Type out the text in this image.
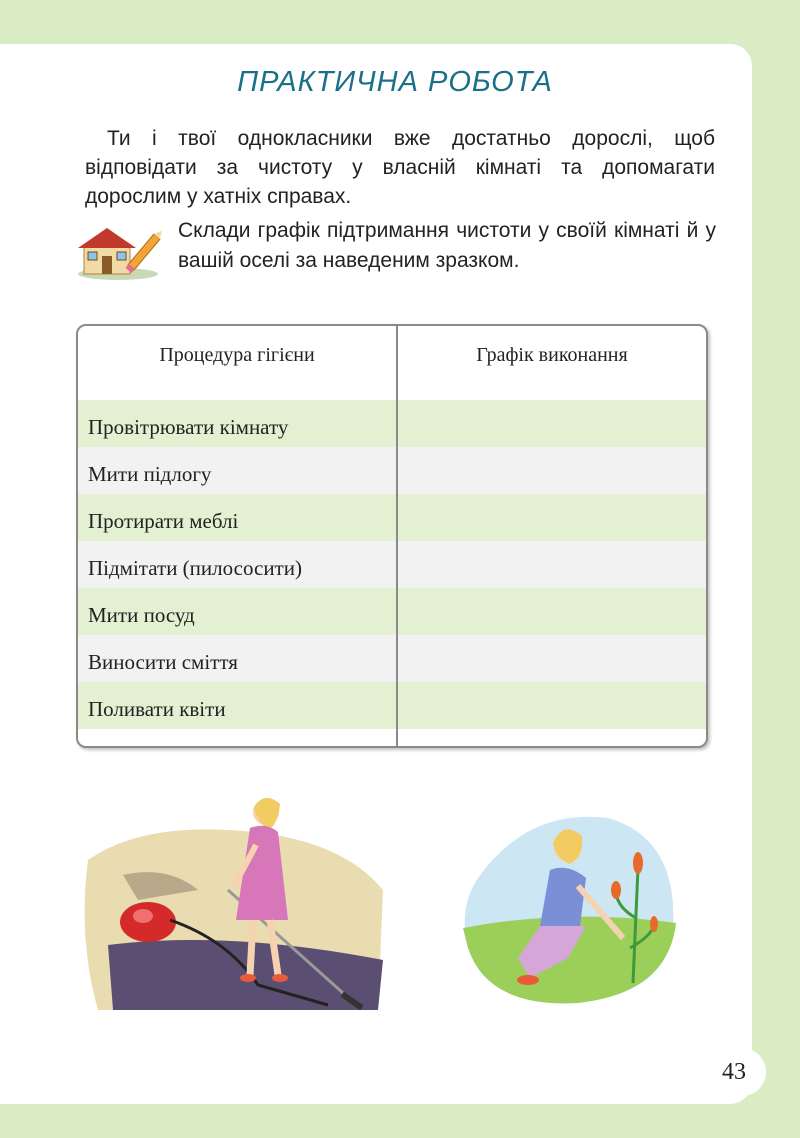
ПРАКТИЧНА РОБОТА
Ти і твої однокласники вже достатньо дорослі, щоб відповідати за чистоту у власній кімнаті та допомагати дорослим у хатніх справах.
Склади графік підтримання чистоти у своїй кімнаті й у вашій оселі за наведеним зразком.
Провітрювати кімнату
Мити підлогу
Протирати меблі
Підмітати (пилососити)
Мити посуд
Виносити сміття
Поливати квіти
Процедура гігієни	Графік виконання
43
